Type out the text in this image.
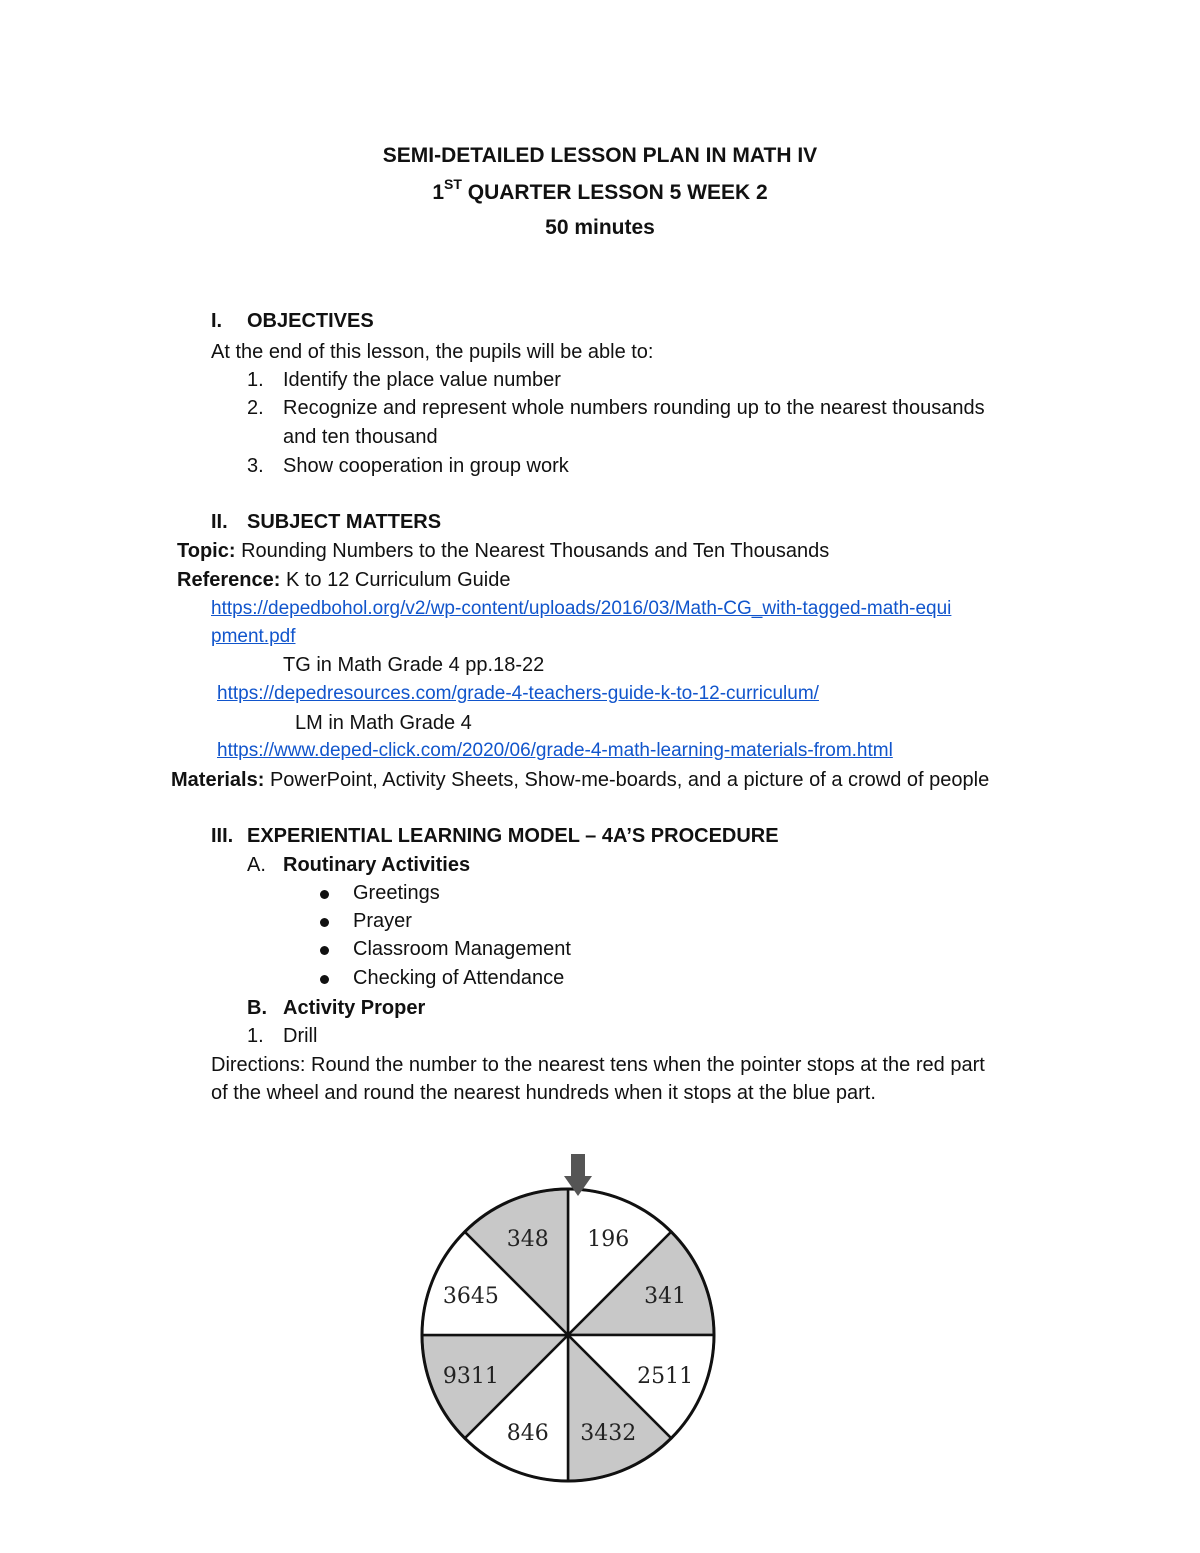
SEMI-DETAILED LESSON PLAN IN MATH IV
1ST QUARTER LESSON 5 WEEK 2
50 minutes
I. OBJECTIVES
At the end of this lesson, the pupils will be able to:
1. Identify the place value number
2. Recognize and represent whole numbers rounding up to the nearest thousands
and ten thousand
3. Show cooperation in group work
II. SUBJECT MATTERS
Topic: Rounding Numbers to the Nearest Thousands and Ten Thousands
Reference: K to 12 Curriculum Guide
https://depedbohol.org/v2/wp-content/uploads/2016/03/Math-CG_with-tagged-math-equi
pment.pdf
TG in Math Grade 4 pp.18-22
https://depedresources.com/grade-4-teachers-guide-k-to-12-curriculum/
LM in Math Grade 4
https://www.deped-click.com/2020/06/grade-4-math-learning-materials-from.html
Materials: PowerPoint, Activity Sheets, Show-me-boards, and a picture of a crowd of people
III. EXPERIENTIAL LEARNING MODEL – 4A’S PROCEDURE
A. Routinary Activities
Greetings
Prayer
Classroom Management
Checking of Attendance
B. Activity Proper
1. Drill
Directions: Round the number to the nearest tens when the pointer stops at the red part
of the wheel and round the nearest hundreds when it stops at the blue part.
196
341
2511
3432
846
9311
3645
348
